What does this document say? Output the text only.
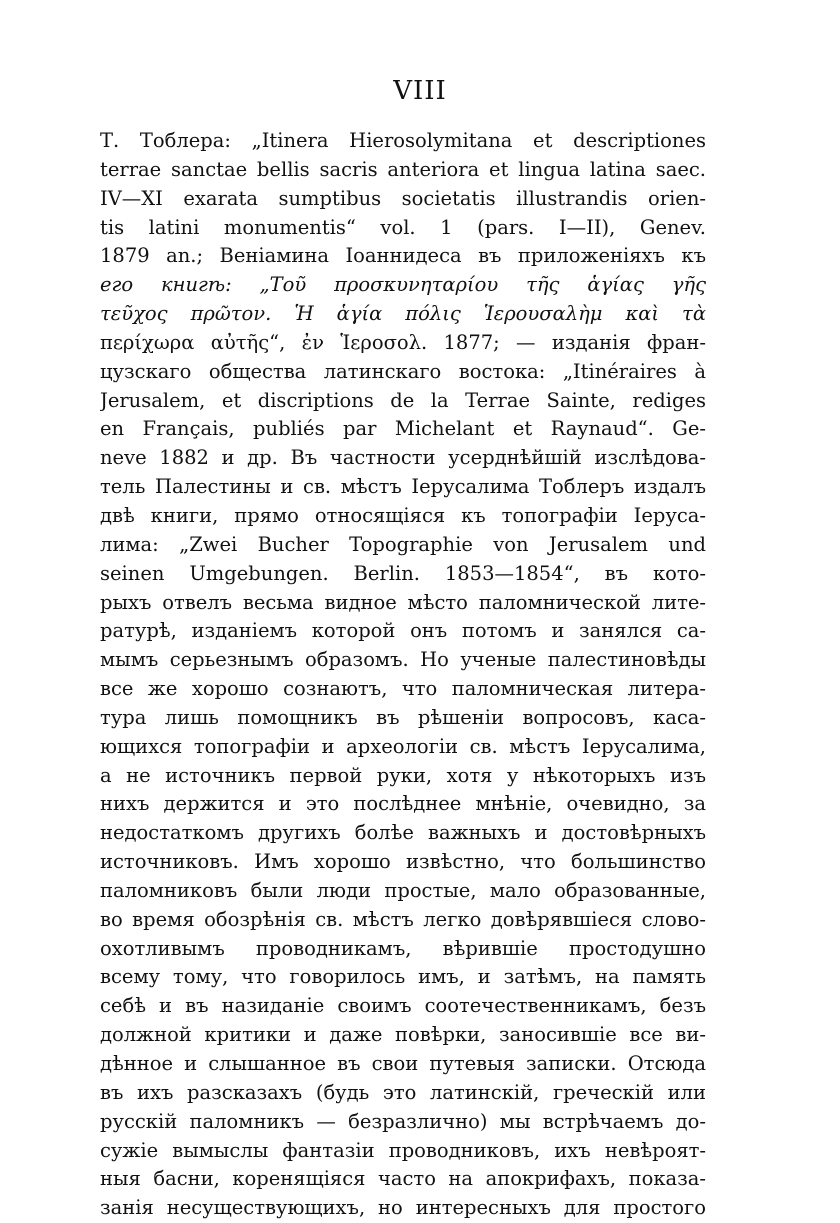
VIII
Т. Тоблера: „Itinera Hierosolymitana et descriptiones
terrae sanctae bellis sacris anteriora et lingua latina saec.
IV—XI exarata sumptibus societatis illustrandis orien-
tis latini monumentis“ vol. 1 (pars. I—II), Genev.
1879 an.; Веніамина Іоаннидеса въ приложеніяхъ къ
его книгѣ: „Τοῦ προσκυνηταρίου τῆς ἁγίας γῆς
τεῦχος πρῶτον. Ἡ ἁγία πόλις Ἱερουσαλὴμ καὶ τὰ
περίχωρα αὐτῆς“, ἐν Ἱεροσολ. 1877; — изданія фран-
цузскаго общества латинскаго востока: „Itinéraires à
Jerusalem, et discriptions de la Terrae Sainte, rediges
en Français, publiés par Michelant et Raynaud“. Ge-
neve 1882 и др. Въ частности усерднѣйшій изслѣдова-
тель Палестины и св. мѣстъ Іерусалима Тоблеръ издалъ
двѣ книги, прямо относящіяся къ топографіи Іеруса-
лима: „Zwei Bucher Topographie von Jerusalem und
seinen Umgebungen. Berlin. 1853—1854“, въ кото-
рыхъ отвелъ весьма видное мѣсто паломнической лите-
ратурѣ, изданіемъ которой онъ потомъ и занялся са-
мымъ серьезнымъ образомъ. Но ученые палестиновѣды
все же хорошо сознаютъ, что паломническая литера-
тура лишь помощникъ въ рѣшеніи вопросовъ, каса-
ющихся топографіи и археологіи св. мѣстъ Іерусалима,
а не источникъ первой руки, хотя у нѣкоторыхъ изъ
нихъ держится и это послѣднее мнѣніе, очевидно, за
недостаткомъ другихъ болѣе важныхъ и достовѣрныхъ
источниковъ. Имъ хорошо извѣстно, что большинство
паломниковъ были люди простые, мало образованные,
во время обозрѣнія св. мѣстъ легко довѣрявшіеся слово-
охотливымъ проводникамъ, вѣрившіе простодушно
всему тому, что говорилось имъ, и затѣмъ, на память
себѣ и въ назиданіе своимъ соотечественникамъ, безъ
должной критики и даже повѣрки, заносившіе все ви-
дѣнное и слышанное въ свои путевыя записки. Отсюда
въ ихъ разсказахъ (будь это латинскій, греческій или
русскій паломникъ — безразлично) мы встрѣчаемъ до-
сужіе вымыслы фантазіи проводниковъ, ихъ невѣроят-
ныя басни, коренящіяся часто на апокрифахъ, показа-
занія несуществующихъ, но интересныхъ для простого
